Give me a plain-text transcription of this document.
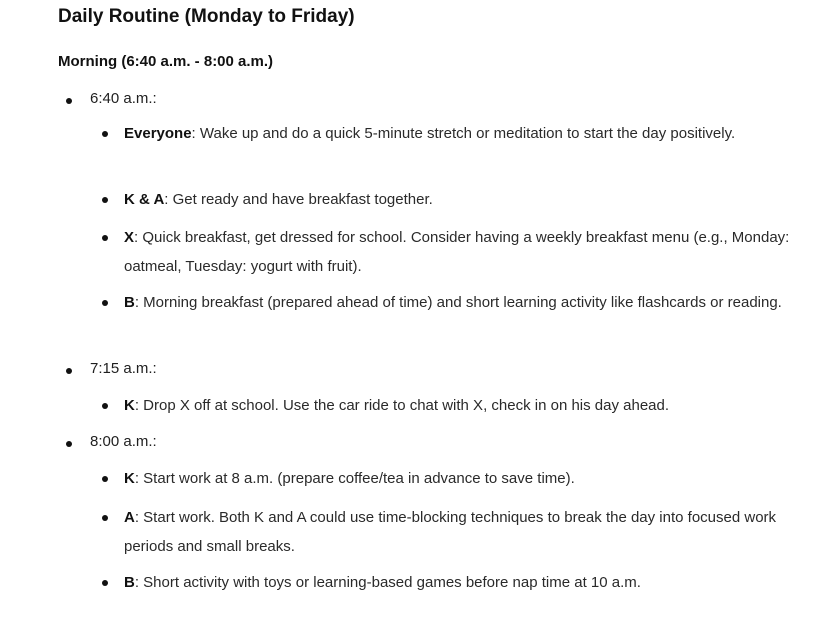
Daily Routine (Monday to Friday)
Morning (6:40 a.m. - 8:00 a.m.)
6:40 a.m.:
Everyone: Wake up and do a quick 5-minute stretch or meditation to start the day positively.
K & A: Get ready and have breakfast together.
X: Quick breakfast, get dressed for school. Consider having a weekly breakfast menu (e.g., Monday: oatmeal, Tuesday: yogurt with fruit).
B: Morning breakfast (prepared ahead of time) and short learning activity like flashcards or reading.
7:15 a.m.:
K: Drop X off at school. Use the car ride to chat with X, check in on his day ahead.
8:00 a.m.:
K: Start work at 8 a.m. (prepare coffee/tea in advance to save time).
A: Start work. Both K and A could use time-blocking techniques to break the day into focused work periods and small breaks.
B: Short activity with toys or learning-based games before nap time at 10 a.m.
